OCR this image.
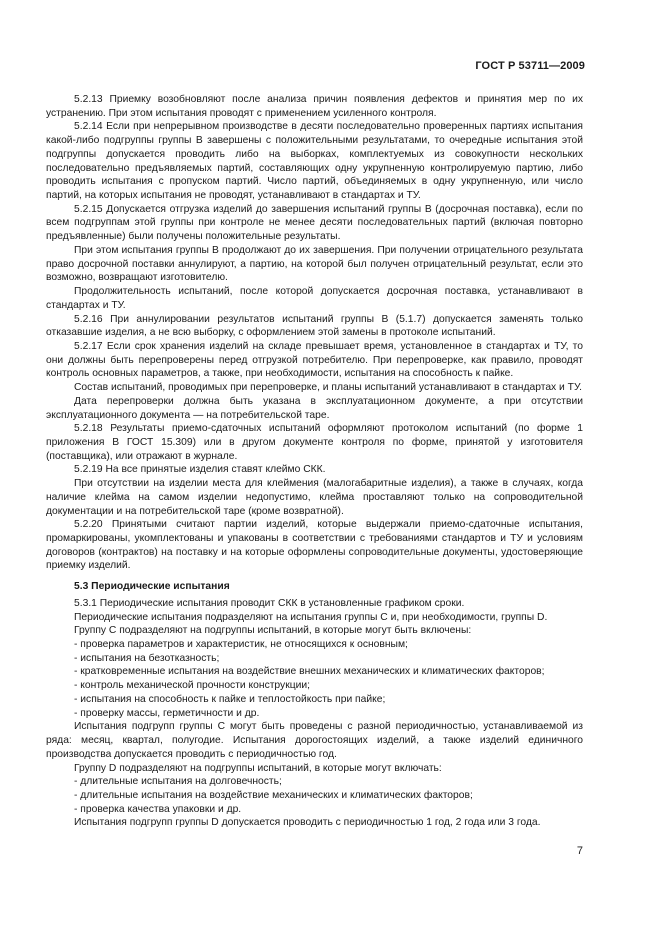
ГОСТ Р 53711—2009

5.2.13 Приемку возобновляют после анализа причин появления дефектов и принятия мер по их устранению. При этом испытания проводят с применением усиленного контроля.

5.2.14 Если при непрерывном производстве в десяти последовательно проверенных партиях испытания какой-либо подгруппы группы В завершены с положительными результатами, то очередные испытания этой подгруппы допускается проводить либо на выборках, комплектуемых из совокупности нескольких последовательно предъявляемых партий, составляющих одну укрупненную контролируемую партию, либо проводить испытания с пропуском партий. Число партий, объединяемых в одну укрупненную, или число партий, на которых испытания не проводят, устанавливают в стандартах и ТУ.

5.2.15 Допускается отгрузка изделий до завершения испытаний группы В (досрочная поставка), если по всем подгруппам этой группы при контроле не менее десяти последовательных партий (включая повторно предъявленные) были получены положительные результаты.

При этом испытания группы В продолжают до их завершения. При получении отрицательного результата право досрочной поставки аннулируют, а партию, на которой был получен отрицательный результат, если это возможно, возвращают изготовителю.

Продолжительность испытаний, после которой допускается досрочная поставка, устанавливают в стандартах и ТУ.

5.2.16 При аннулировании результатов испытаний группы В (5.1.7) допускается заменять только отказавшие изделия, а не всю выборку, с оформлением этой замены в протоколе испытаний.

5.2.17 Если срок хранения изделий на складе превышает время, установленное в стандартах и ТУ, то они должны быть перепроверены перед отгрузкой потребителю. При перепроверке, как правило, проводят контроль основных параметров, а также, при необходимости, испытания на способность к пайке.

Состав испытаний, проводимых при перепроверке, и планы испытаний устанавливают в стандартах и ТУ.

Дата перепроверки должна быть указана в эксплуатационном документе, а при отсутствии эксплуатационного документа — на потребительской таре.

5.2.18 Результаты приемо-сдаточных испытаний оформляют протоколом испытаний (по форме 1 приложения В ГОСТ 15.309) или в другом документе контроля по форме, принятой у изготовителя (поставщика), или отражают в журнале.

5.2.19 На все принятые изделия ставят клеймо СКК.

При отсутствии на изделии места для клеймения (малогабаритные изделия), а также в случаях, когда наличие клейма на самом изделии недопустимо, клейма проставляют только на сопроводительной документации и на потребительской таре (кроме возвратной).

5.2.20 Принятыми считают партии изделий, которые выдержали приемо-сдаточные испытания, промаркированы, укомплектованы и упакованы в соответствии с требованиями стандартов и ТУ и условиям договоров (контрактов) на поставку и на которые оформлены сопроводительные документы, удостоверяющие приемку изделий.

5.3 Периодические испытания

5.3.1 Периодические испытания проводит СКК в установленные графиком сроки.

Периодические испытания подразделяют на испытания группы С и, при необходимости, группы D.

Группу С подразделяют на подгруппы испытаний, в которые могут быть включены:

- проверка параметров и характеристик, не относящихся к основным;

- испытания на безотказность;

- кратковременные испытания на воздействие внешних механических и климатических факторов;

- контроль механической прочности конструкции;

- испытания на способность к пайке и теплостойкость при пайке;

- проверку массы, герметичности и др.

Испытания подгрупп группы С могут быть проведены с разной периодичностью, устанавливаемой из ряда: месяц, квартал, полугодие. Испытания дорогостоящих изделий, а также изделий единичного производства допускается проводить с периодичностью год.

Группу D подразделяют на подгруппы испытаний, в которые могут включать:

- длительные испытания на долговечность;

- длительные испытания на воздействие механических и климатических факторов;

- проверка качества упаковки и др.

Испытания подгрупп группы D допускается проводить с периодичностью 1 год, 2 года или 3 года.

7
